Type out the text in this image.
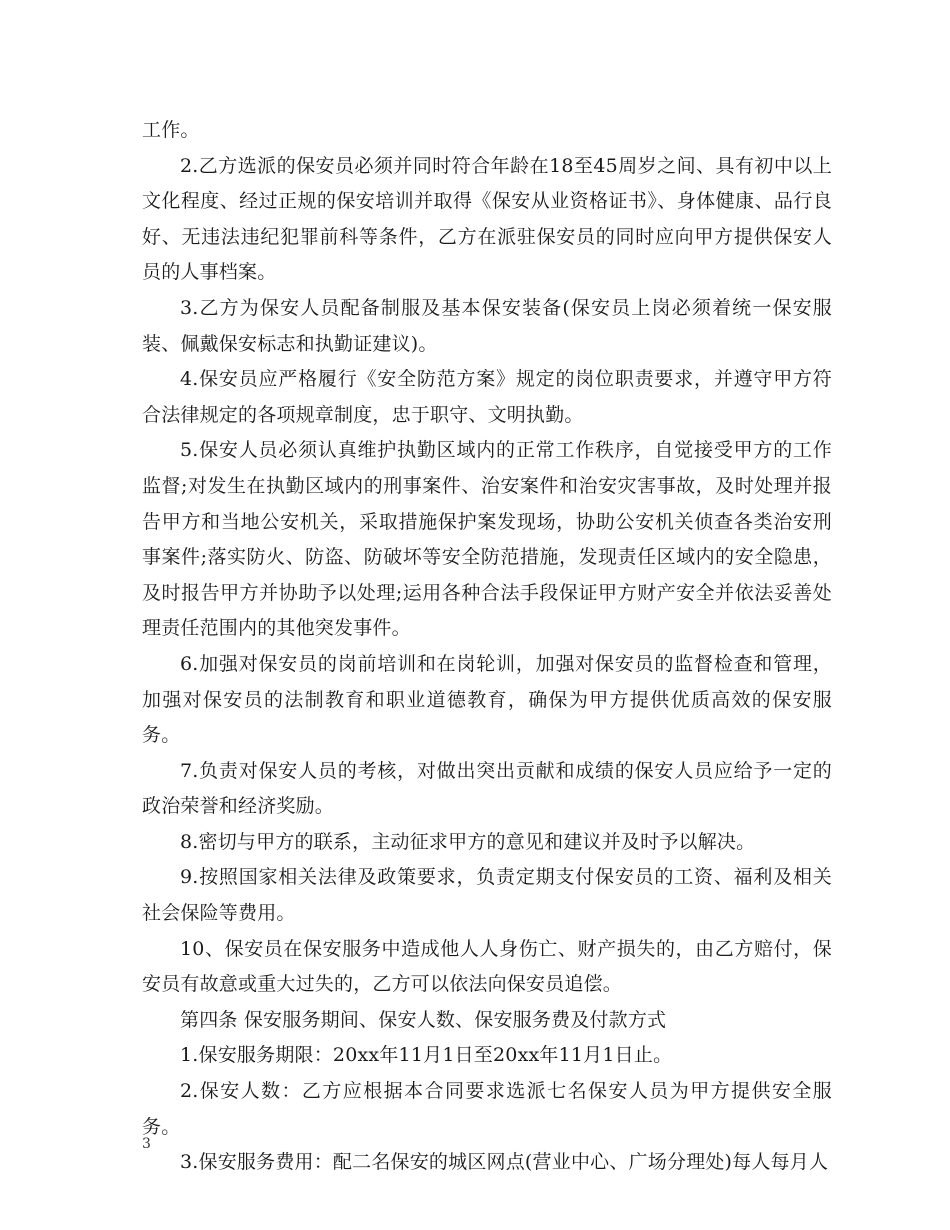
工作。

2.乙方选派的保安员必须并同时符合年龄在18至45周岁之间、具有初中以上文化程度、经过正规的保安培训并取得《保安从业资格证书》、身体健康、品行良好、无违法违纪犯罪前科等条件，乙方在派驻保安员的同时应向甲方提供保安人员的人事档案。

3.乙方为保安人员配备制服及基本保安装备(保安员上岗必须着统一保安服装、佩戴保安标志和执勤证建议)。

4.保安员应严格履行《安全防范方案》规定的岗位职责要求，并遵守甲方符合法律规定的各项规章制度，忠于职守、文明执勤。

5.保安人员必须认真维护执勤区域内的正常工作秩序，自觉接受甲方的工作监督;对发生在执勤区域内的刑事案件、治安案件和治安灾害事故，及时处理并报告甲方和当地公安机关，采取措施保护案发现场，协助公安机关侦查各类治安刑事案件;落实防火、防盗、防破坏等安全防范措施，发现责任区域内的安全隐患，及时报告甲方并协助予以处理;运用各种合法手段保证甲方财产安全并依法妥善处理责任范围内的其他突发事件。

6.加强对保安员的岗前培训和在岗轮训，加强对保安员的监督检查和管理，加强对保安员的法制教育和职业道德教育，确保为甲方提供优质高效的保安服务。

7.负责对保安人员的考核，对做出突出贡献和成绩的保安人员应给予一定的政治荣誉和经济奖励。

8.密切与甲方的联系，主动征求甲方的意见和建议并及时予以解决。

9.按照国家相关法律及政策要求，负责定期支付保安员的工资、福利及相关社会保险等费用。

10、保安员在保安服务中造成他人人身伤亡、财产损失的，由乙方赔付，保安员有故意或重大过失的，乙方可以依法向保安员追偿。

第四条 保安服务期间、保安人数、保安服务费及付款方式

1.保安服务期限：20xx年11月1日至20xx年11月1日止。

2.保安人数：乙方应根据本合同要求选派七名保安人员为甲方提供安全服务。

3.保安服务费用：配二名保安的城区网点(营业中心、广场分理处)每人每月人

3
